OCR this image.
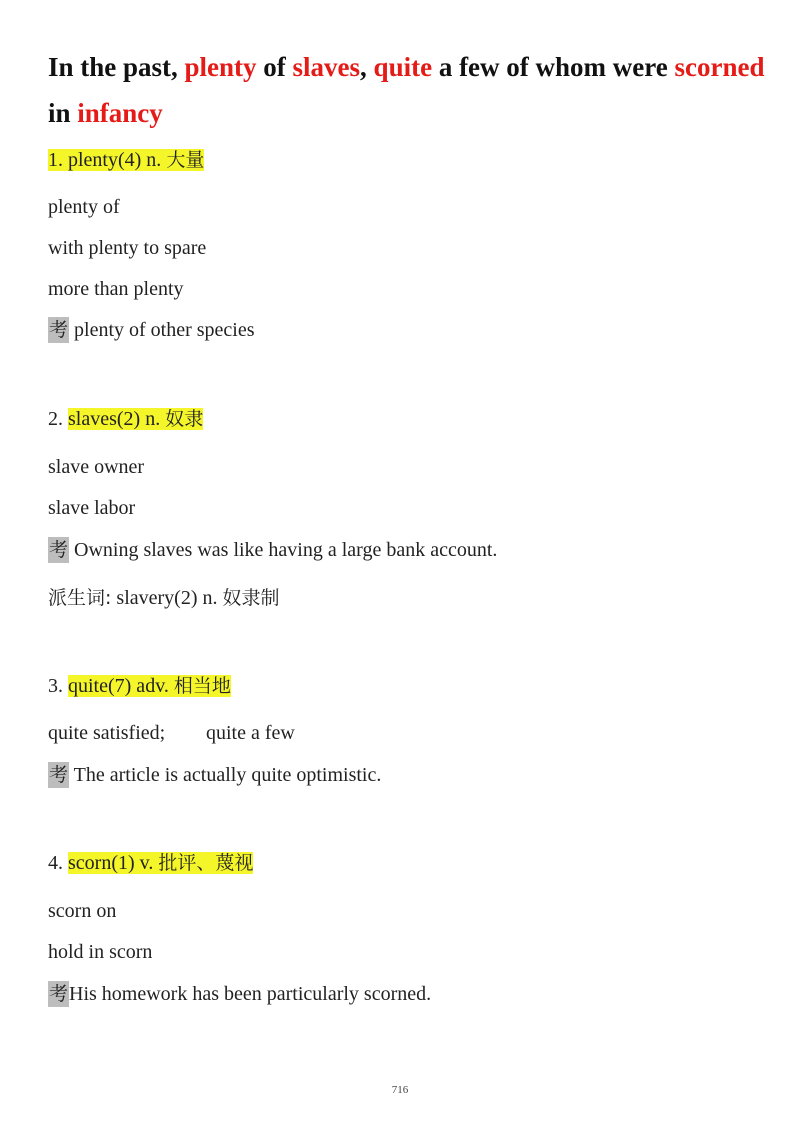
In the past, plenty of slaves, quite a few of whom were scorned in infancy
1. plenty(4) n. 大量
plenty of
with plenty to spare
more than plenty
考 plenty of other species
2. slaves(2) n. 奴隶
slave owner
slave labor
考 Owning slaves was like having a large bank account.
派生词: slavery(2) n. 奴隶制
3. quite(7) adv. 相当地
quite satisfied; quite a few
考 The article is actually quite optimistic.
4. scorn(1) v. 批评、蔑视
scorn on
hold in scorn
考His homework has been particularly scorned.
716
